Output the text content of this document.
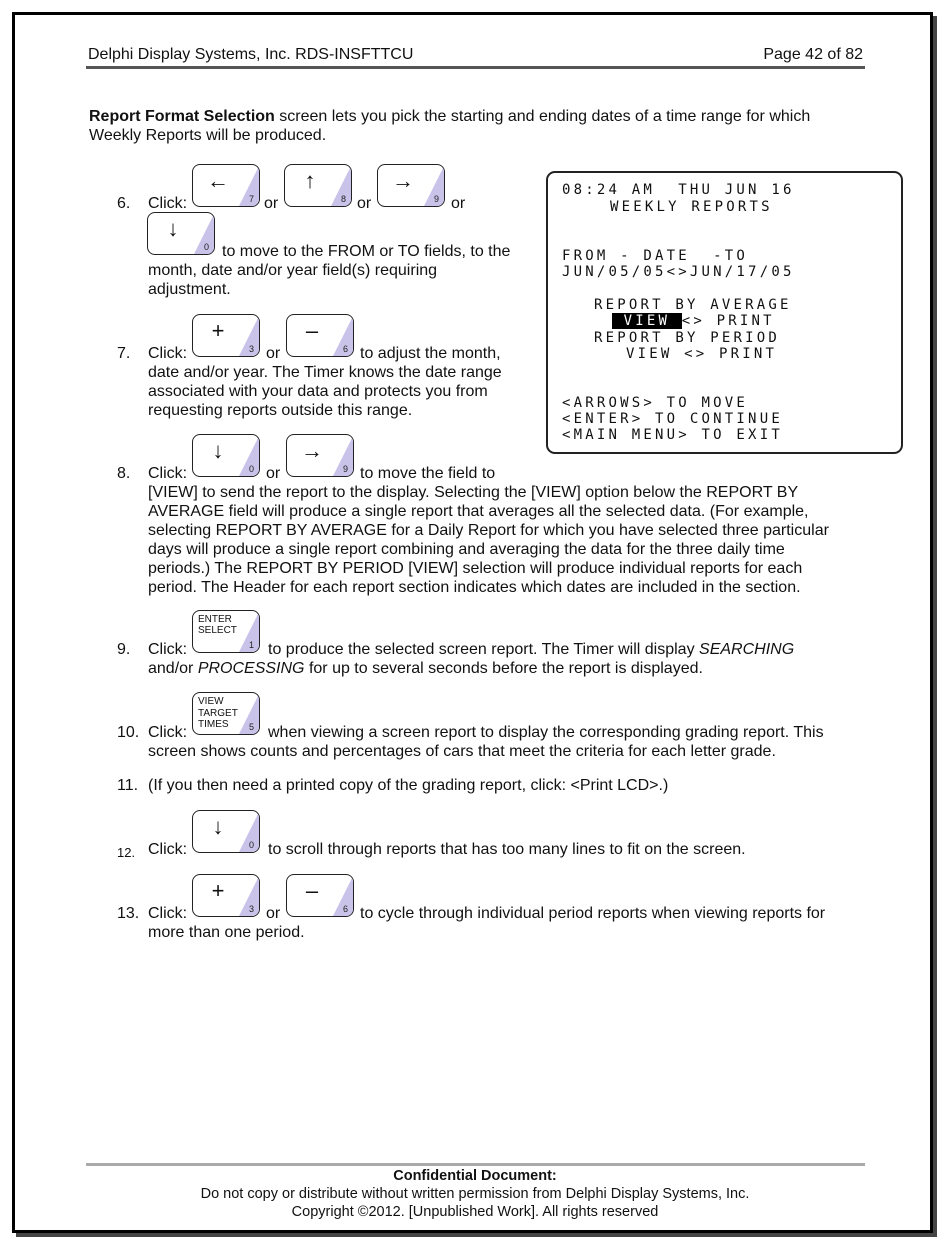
Delphi Display Systems, Inc. RDS-INSFTTCU	Page 42 of 82
Report Format Selection screen lets you pick the starting and ending dates of a time range for which
Weekly Reports will be produced.
6. Click:
←
7 or
↑
8 or
→
9 or
↓
0 to move to the FROM or TO fields, to the
month, date and/or year field(s) requiring
adjustment.
7. Click:
+
3 or
–
6 to adjust the month,
date and/or year. The Timer knows the date range
associated with your data and protects you from
requesting reports outside this range.
08:24 AM  THU JUN 16
WEEKLY REPORTS
FROM - DATE  -TO
JUN/05/05<>JUN/17/05
REPORT BY AVERAGE
VIEW <> PRINT
REPORT BY PERIOD
VIEW <> PRINT
<ARROWS> TO MOVE
<ENTER> TO CONTINUE
<MAIN MENU> TO EXIT
8. Click:
↓
0 or
→
9 to move the field to
[VIEW] to send the report to the display. Selecting the [VIEW] option below the REPORT BY
AVERAGE field will produce a single report that averages all the selected data. (For example,
selecting REPORT BY AVERAGE for a Daily Report for which you have selected three particular
days will produce a single report combining and averaging the data for the three daily time
periods.) The REPORT BY PERIOD [VIEW] selection will produce individual reports for each
period. The Header for each report section indicates which dates are included in the section.
9. Click:
ENTER
SELECT
1 to produce the selected screen report. The Timer will display SEARCHING
and/or PROCESSING for up to several seconds before the report is displayed.
10. Click:
VIEW
TARGET
TIMES	5 when viewing a screen report to display the corresponding grading report. This
screen shows counts and percentages of cars that meet the criteria for each letter grade.
11. (If you then need a printed copy of the grading report, click: <Print LCD>.)
12. Click:
↓
0 to scroll through reports that has too many lines to fit on the screen.
13. Click:
+
3 or
–
6 to cycle through individual period reports when viewing reports for
more than one period.
Confidential Document:
Do not copy or distribute without written permission from Delphi Display Systems, Inc.
Copyright ©2012. [Unpublished Work]. All rights reserved
